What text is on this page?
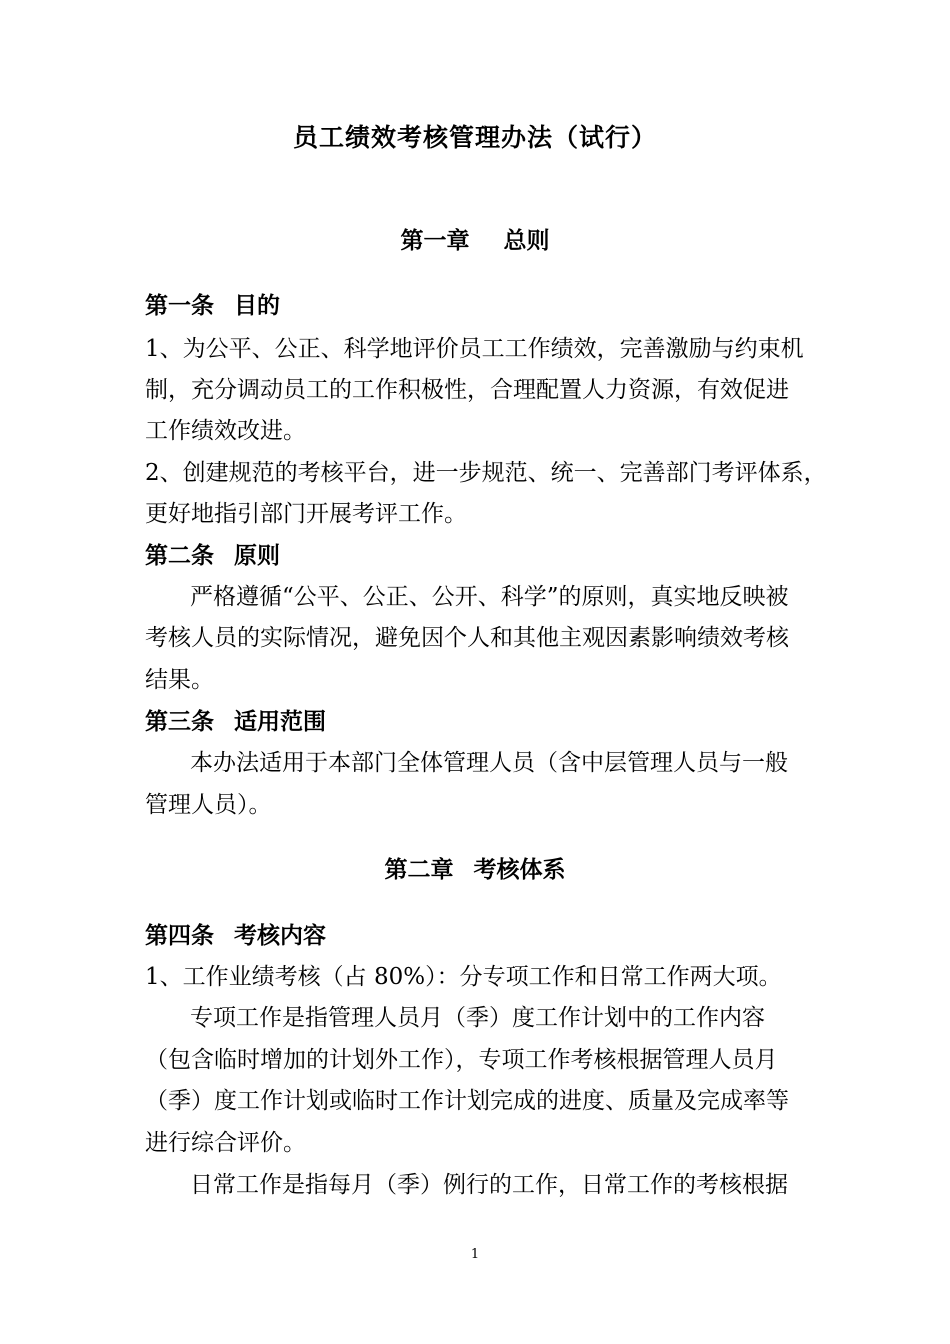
员工绩效考核管理办法（试行）
第一章 总则
第一条 目的
1、为公平、公正、科学地评价员工工作绩效，完善激励与约束机
制，充分调动员工的工作积极性，合理配置人力资源，有效促进
工作绩效改进。
2、创建规范的考核平台，进一步规范、统一、完善部门考评体系，
更好地指引部门开展考评工作。
第二条 原则
严格遵循“公平、公正、公开、科学”的原则，真实地反映被
考核人员的实际情况，避免因个人和其他主观因素影响绩效考核
结果。
第三条 适用范围
本办法适用于本部门全体管理人员（含中层管理人员与一般
管理人员）。
第二章 考核体系
第四条 考核内容
1、工作业绩考核（占 80%）：分专项工作和日常工作两大项。
专项工作是指管理人员月（季）度工作计划中的工作内容
（包含临时增加的计划外工作），专项工作考核根据管理人员月
（季）度工作计划或临时工作计划完成的进度、质量及完成率等
进行综合评价。
日常工作是指每月（季）例行的工作，日常工作的考核根据
1
